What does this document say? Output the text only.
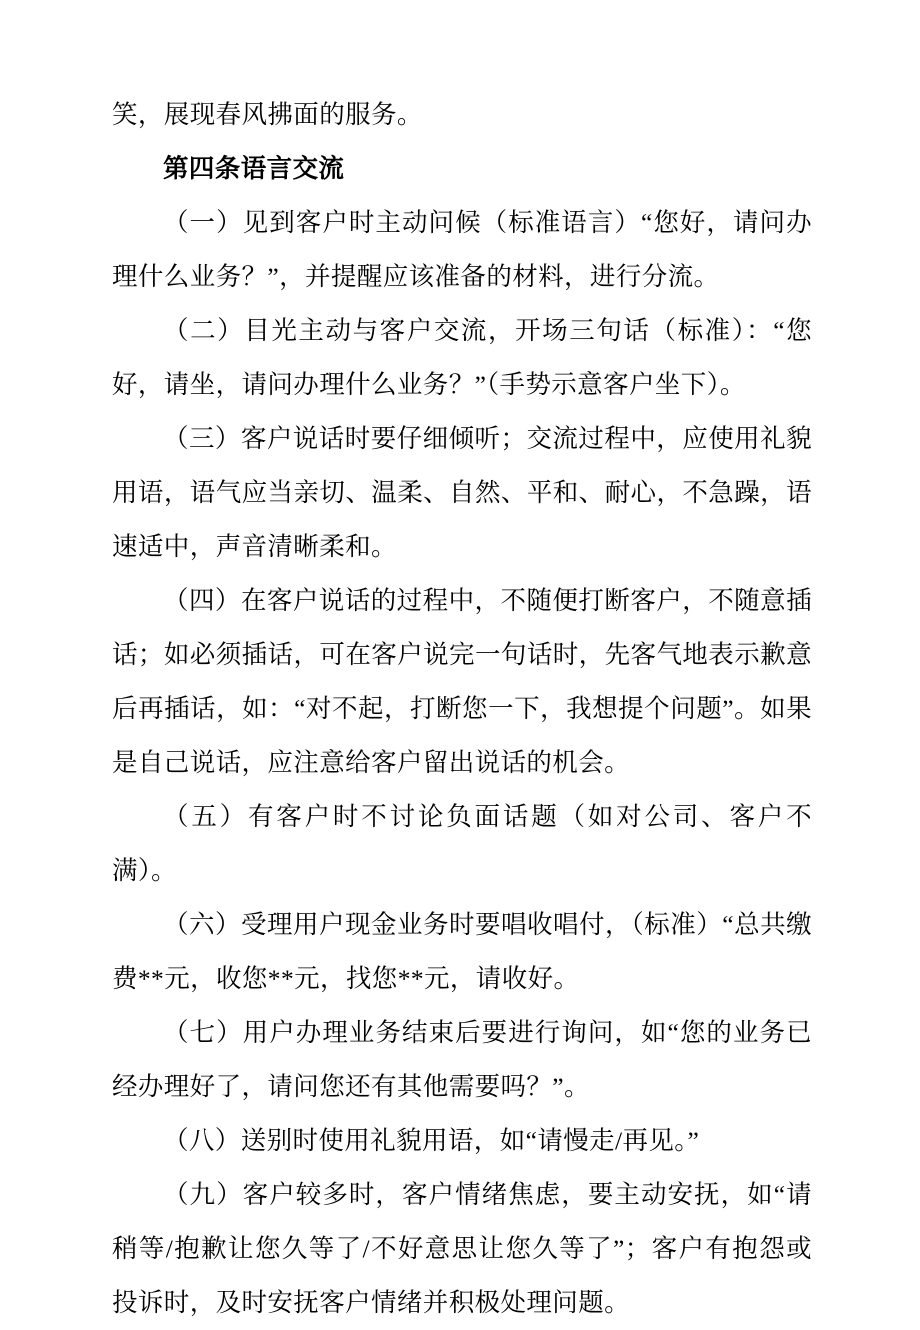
笑，展现春风拂面的服务。

第四条语言交流

（一）见到客户时主动问候（标准语言）“您好，请问办理什么业务？”，并提醒应该准备的材料，进行分流。

（二）目光主动与客户交流，开场三句话（标准）：“您好，请坐，请问办理什么业务？”（手势示意客户坐下）。

（三）客户说话时要仔细倾听；交流过程中，应使用礼貌用语，语气应当亲切、温柔、自然、平和、耐心，不急躁，语速适中，声音清晰柔和。

（四）在客户说话的过程中，不随便打断客户，不随意插话；如必须插话，可在客户说完一句话时，先客气地表示歉意后再插话，如：“对不起，打断您一下，我想提个问题”。如果是自己说话，应注意给客户留出说话的机会。

（五）有客户时不讨论负面话题（如对公司、客户不满）。

（六）受理用户现金业务时要唱收唱付，（标准）“总共缴费**元，收您**元，找您**元，请收好。

（七）用户办理业务结束后要进行询问，如“您的业务已经办理好了，请问您还有其他需要吗？”。

（八）送别时使用礼貌用语，如“请慢走/再见。”

（九）客户较多时，客户情绪焦虑，要主动安抚，如“请稍等/抱歉让您久等了/不好意思让您久等了”；客户有抱怨或投诉时，及时安抚客户情绪并积极处理问题。
